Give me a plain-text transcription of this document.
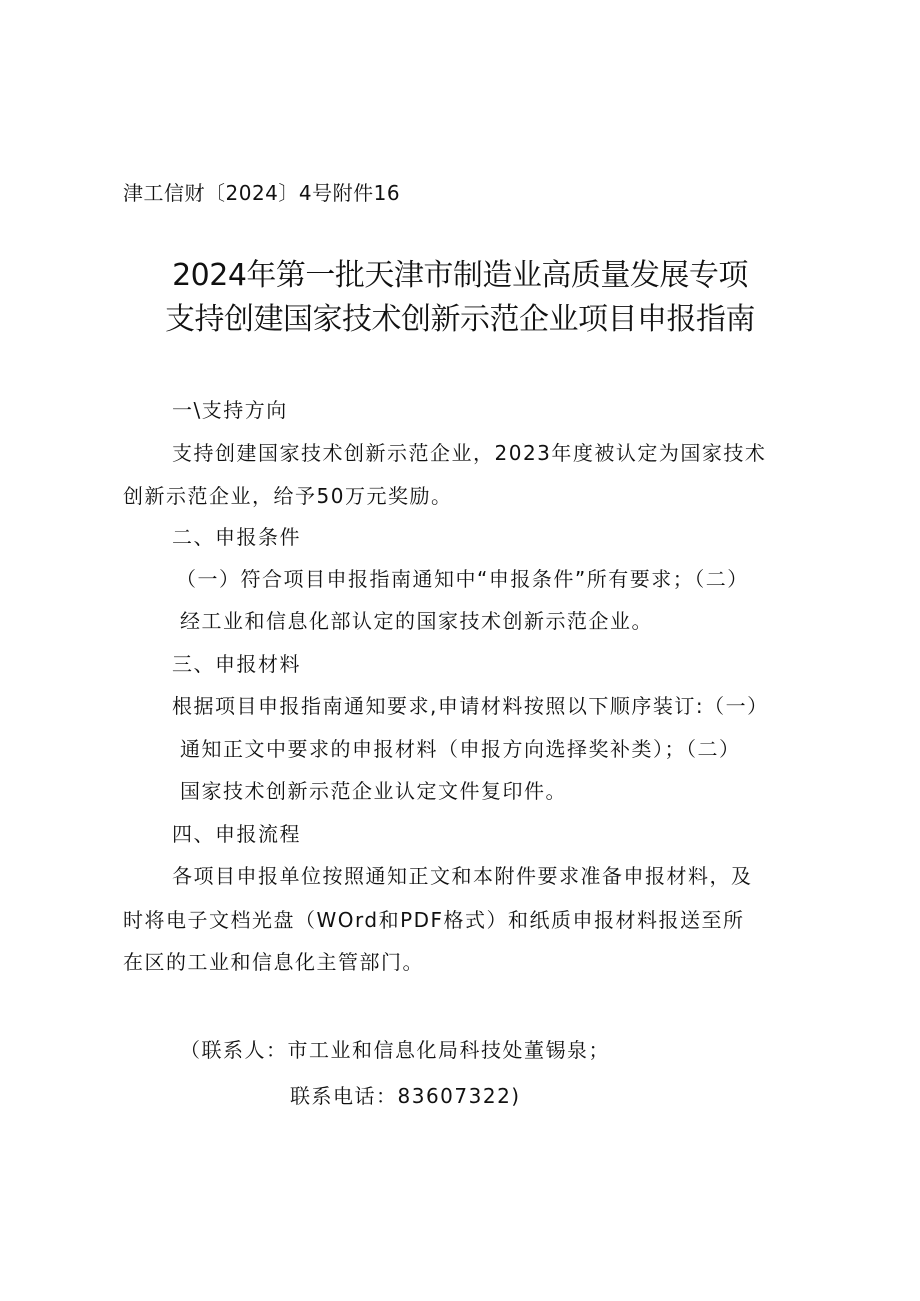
津工信财〔2024〕4号附件16
2024年第一批天津市制造业高质量发展专项
支持创建国家技术创新示范企业项目申报指南
一\支持方向
支持创建国家技术创新示范企业，2023年度被认定为国家技术
创新示范企业，给予50万元奖励。
二、申报条件
（一）符合项目申报指南通知中“申报条件”所有要求；（二）
经工业和信息化部认定的国家技术创新示范企业。
三、申报材料
根据项目申报指南通知要求,申请材料按照以下顺序装订:（一）
通知正文中要求的申报材料（申报方向选择奖补类）；（二）
国家技术创新示范企业认定文件复印件。
四、申报流程
各项目申报单位按照通知正文和本附件要求准备申报材料，及
时将电子文档光盘（WOrd和PDF格式）和纸质申报材料报送至所
在区的工业和信息化主管部门。
（联系人：市工业和信息化局科技处董锡泉；
联系电话：83607322)
